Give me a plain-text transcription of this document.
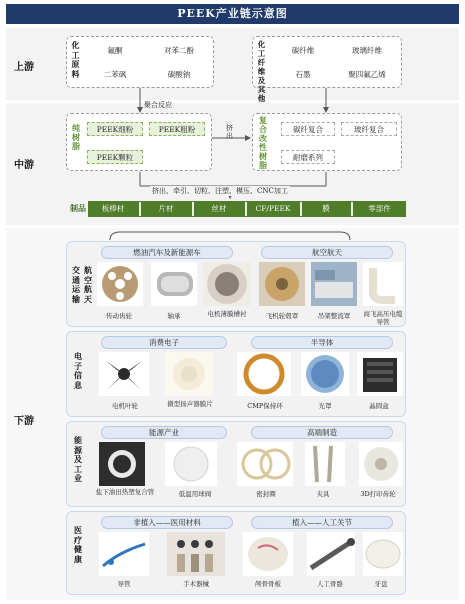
PEEK产业链示意图
上游
中游
下游
化工原料
氟酮	对苯二酚
二苯砜	碳酸钠
化工纤维及其他
碳纤维	玻璃纤维
石墨	聚四氟乙烯
聚合反应
挤出
纯树脂
PEEK细粉	PEEK粗粉
PEEK颗粒
复合改性树脂
碳纤复合	玻纤复合
耐磨系列
挤出、牵引、切粒、注塑、模压、CNC加工
制品	板棒材	片材	丝材	CF/PEEK	膜	零部件
交通运输
航空航天
燃油汽车及新能源车	航空航天
传动齿轮	轴承	电机薄膜槽衬	飞机轮毂罩	吊架整流罩	商飞高压电缆导管
电子信息
消费电子	半导体
电机叶轮	微型扬声器膜片	CMP保持环	光罩	晶圆盒
能源及工业
能源产业	高端制造
盐下油田热塑复合管	低温用球阀	密封圈	夹具	3D打印齿轮
医疗健康
非植入——医用材料	植入——人工关节
导管	手术器械	颅骨骨板	人工骨骼	牙盘
